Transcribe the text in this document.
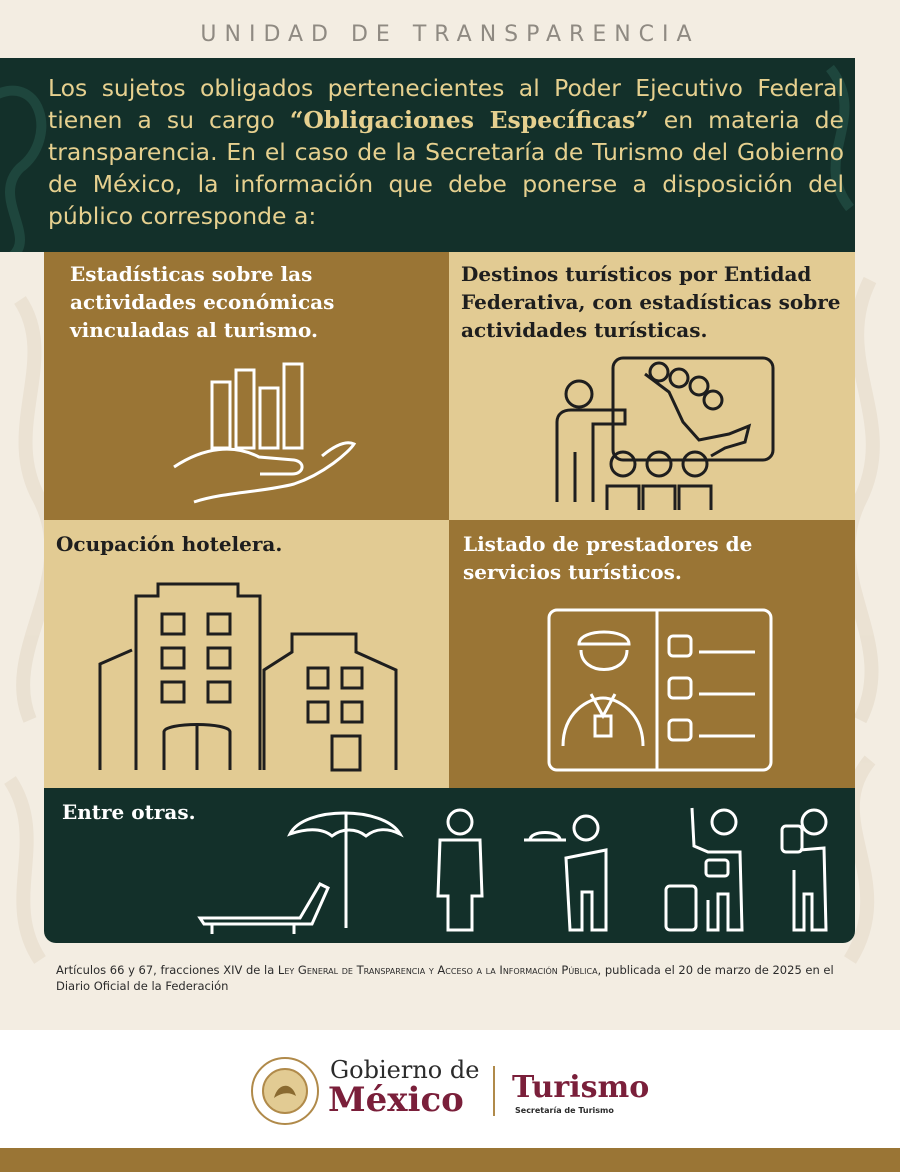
UNIDAD DE TRANSPARENCIA

Los sujetos obligados pertenecientes al Poder Ejecutivo Federal tienen a su cargo “Obligaciones Específicas” en materia de transparencia. En el caso de la Secretaría de Turismo del Gobierno de México, la información que debe ponerse a disposición del público corresponde a:

Estadísticas sobre las actividades económicas vinculadas al turismo.
Destinos turísticos por Entidad Federativa, con estadísticas sobre actividades turísticas.
Ocupación hotelera.	Listado de prestadores de servicios turísticos.
Entre otras.

Artículos 66 y 67, fracciones XIV de la Ley General de Transparencia y Acceso a la Información Pública, publicada el 20 de marzo de 2025 en el Diario Oficial de la Federación

Gobierno de
México Turismo
Secretaría de Turismo
